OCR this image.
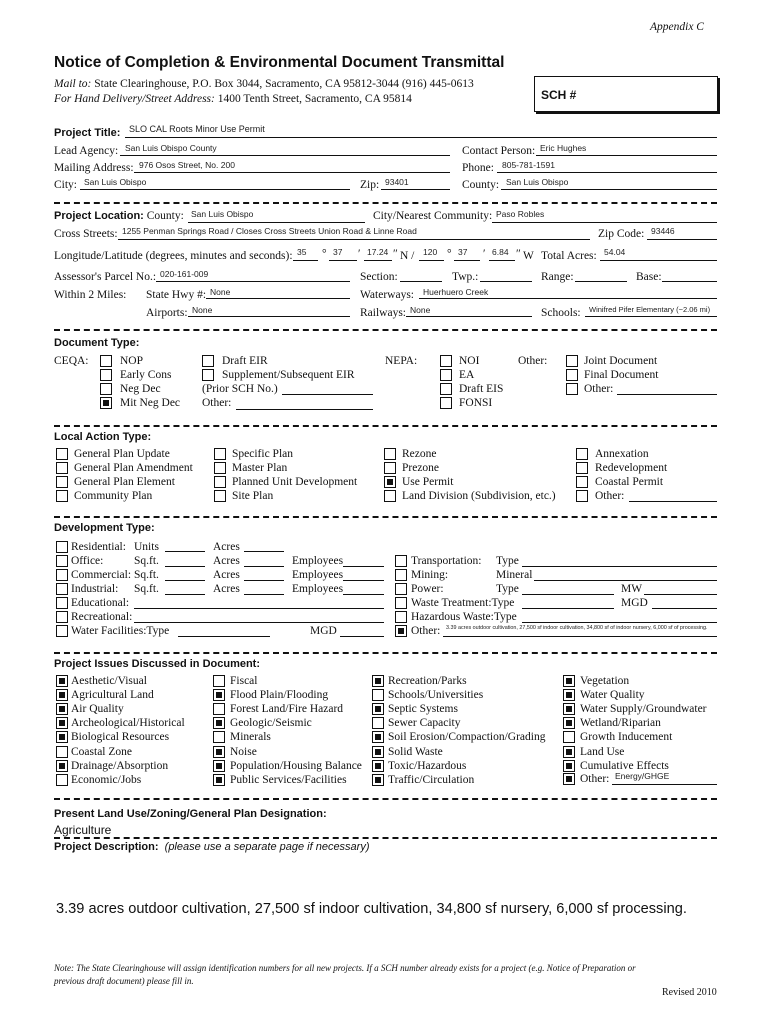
Appendix C
Notice of Completion & Environmental Document Transmittal
Mail to: State Clearinghouse, P.O. Box 3044, Sacramento, CA 95812-3044 (916) 445-0613
For Hand Delivery/Street Address: 1400 Tenth Street, Sacramento, CA 95814	SCH #
Project Title: SLO CAL Roots Minor Use Permit
Lead Agency: San Luis Obispo County	Contact Person: Eric Hughes
Mailing Address: 976 Osos Street, No. 200	Phone: 805-781-1591
City: San Luis Obispo	Zip: 93401	County: San Luis Obispo
Project Location: County: San Luis Obispo	City/Nearest Community: Paso Robles
Cross Streets: 1255 Penman Springs Road / Closes Cross Streets Union Road & Linne Road	Zip Code: 93446
Longitude/Latitude (degrees, minutes and seconds): 35 ° 37 ′ 17.24 ″ N / 120 ° 37 ′ 6.84 ″ W Total Acres: 54.04
Assessor's Parcel No.: 020-161-009	Section:	Twp.:	Range:	Base:
Within 2 Miles: State Hwy #: None	Waterways: Huerhuero Creek
Airports: None	Railways: None	Schools: Winifred Pifer Elementary (~2.06 mi)
Document Type:
CEQA:	NOP
Early Cons
Neg Dec
Mit Neg Dec
Draft EIR
Supplement/Subsequent EIR
(Prior SCH No.)
Other:
NEPA:	NOI
EA
Draft EIS
FONSI
Other:	Joint Document
Final Document
Other:
Local Action Type:
General Plan Update
General Plan Amendment
General Plan Element
Community Plan
Specific Plan
Master Plan
Planned Unit Development
Site Plan
Rezone
Prezone
Use Permit
Land Division (Subdivision, etc.)
Annexation
Redevelopment
Coastal Permit
Other:
Development Type:
Residential: Units	Acres
Office:	Sq.ft.	Acres	Employees
Commercial: Sq.ft.	Acres	Employees
Industrial: Sq.ft.	Acres	Employees
Educational:
Recreational:
Water Facilities:Type	MGD
Transportation: Type
Mining:	Mineral
Power:	Type	MW
Waste Treatment:Type	MGD
Hazardous Waste:Type
Other: 3.39 acres outdoor cultivation, 27,500 sf indoor cultivation, 34,800 sf of indoor nursery, 6,000 sf of processing.
Project Issues Discussed in Document:
Aesthetic/Visual
Agricultural Land
Air Quality
Archeological/Historical
Biological Resources
Coastal Zone
Drainage/Absorption
Economic/Jobs
Fiscal
Flood Plain/Flooding
Forest Land/Fire Hazard
Geologic/Seismic
Minerals
Noise
Population/Housing Balance
Public Services/Facilities
Recreation/Parks
Schools/Universities
Septic Systems
Sewer Capacity
Soil Erosion/Compaction/Grading
Solid Waste
Toxic/Hazardous
Traffic/Circulation
Vegetation
Water Quality
Water Supply/Groundwater
Wetland/Riparian
Growth Inducement
Land Use
Cumulative Effects
Other: Energy/GHGE
Present Land Use/Zoning/General Plan Designation:
Agriculture
Project Description: (please use a separate page if necessary)
3.39 acres outdoor cultivation, 27,500 sf indoor cultivation, 34,800 sf nursery, 6,000 sf processing.
Note: The State Clearinghouse will assign identification numbers for all new projects. If a SCH number already exists for a project (e.g. Notice of Preparation or
previous draft document) please fill in.
Revised 2010
